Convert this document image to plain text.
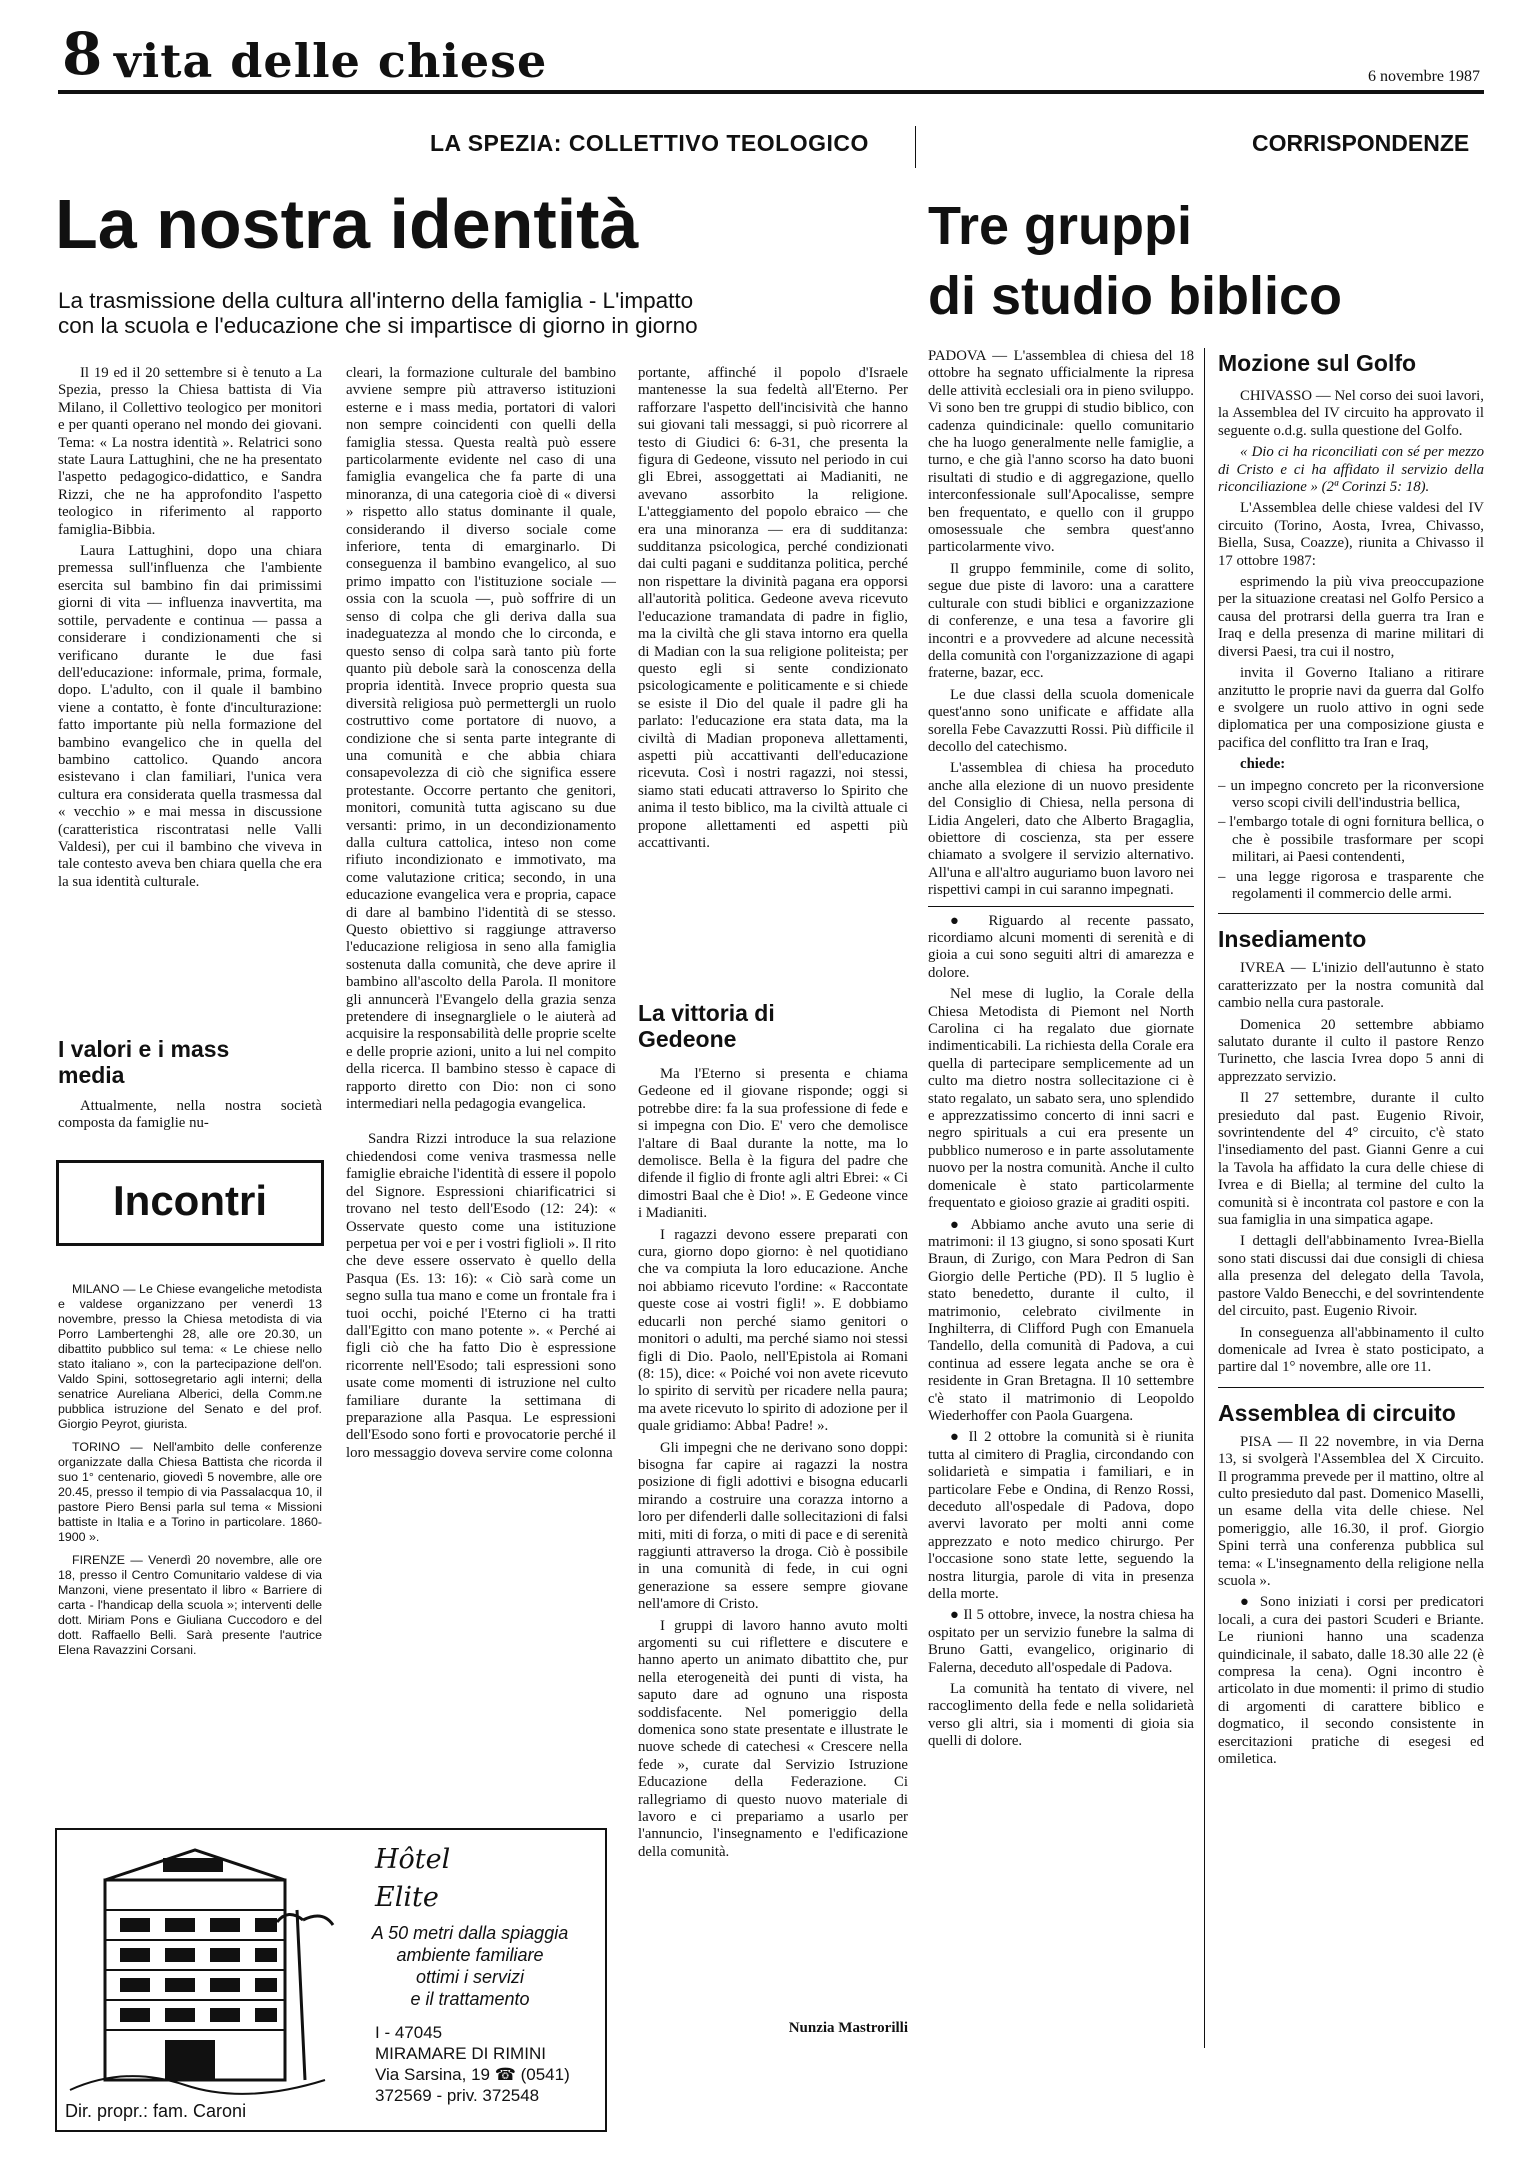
8 vita delle chiese	6 novembre 1987
LA SPEZIA: COLLETTIVO TEOLOGICO
La nostra identità
La trasmissione della cultura all'interno della famiglia - L'impatto
con la scuola e l'educazione che si impartisce di giorno in giorno

Il 19 ed il 20 settembre si è tenuto a La Spezia, presso la Chiesa battista di Via Milano, il Collettivo teologico per monitori e per quanti operano nel mondo dei giovani. Tema: « La nostra identità ». Relatrici sono state Laura Lattughini, che ne ha presentato l'aspetto pedagogico-didattico, e Sandra Rizzi, che ne ha approfondito l'aspetto teologico in riferimento al rapporto famiglia-Bibbia.

Laura Lattughini, dopo una chiara premessa sull'influenza che l'ambiente esercita sul bambino fin dai primissimi giorni di vita — influenza inavvertita, ma sottile, pervadente e continua — passa a considerare i condizionamenti che si verificano durante le due fasi dell'educazione: informale, prima, formale, dopo. L'adulto, con il quale il bambino viene a contatto, è fonte d'inculturazione: fatto importante più nella formazione del bambino evangelico che in quella del bambino cattolico. Quando ancora esistevano i clan familiari, l'unica vera cultura era considerata quella trasmessa dal « vecchio » e mai messa in discussione (caratteristica riscontratasi nelle Valli Valdesi), per cui il bambino che viveva in tale contesto aveva ben chiara quella che era la sua identità culturale.

I valori e i mass media

Attualmente, nella nostra società composta da famiglie nu-

Incontri

MILANO — Le Chiese evangeliche metodista e valdese organizzano per venerdì 13 novembre, presso la Chiesa metodista di via Porro Lambertenghi 28, alle ore 20.30, un dibattito pubblico sul tema: « Le chiese nello stato italiano », con la partecipazione dell'on. Valdo Spini, sottosegretario agli interni; della senatrice Aureliana Alberici, della Comm.ne pubblica istruzione del Senato e del prof. Giorgio Peyrot, giurista.

TORINO — Nell'ambito delle conferenze organizzate dalla Chiesa Battista che ricorda il suo 1° centenario, giovedì 5 novembre, alle ore 20.45, presso il tempio di via Passalacqua 10, il pastore Piero Bensi parla sul tema « Missioni battiste in Italia e a Torino in particolare. 1860-1900 ».

FIRENZE — Venerdì 20 novembre, alle ore 18, presso il Centro Comunitario valdese di via Manzoni, viene presentato il libro « Barriere di carta - l'handicap della scuola »; interventi delle dott. Miriam Pons e Giuliana Cuccodoro e del dott. Raffaello Belli. Sarà presente l'autrice Elena Ravazzini Corsani.

cleari, la formazione culturale del bambino avviene sempre più attraverso istituzioni esterne e i mass media, portatori di valori non sempre coincidenti con quelli della famiglia stessa. Questa realtà può essere particolarmente evidente nel caso di una famiglia evangelica che fa parte di una minoranza, di una categoria cioè di « diversi » rispetto allo status dominante il quale, considerando il diverso sociale come inferiore, tenta di emarginarlo. Di conseguenza il bambino evangelico, al suo primo impatto con l'istituzione sociale — ossia con la scuola —, può soffrire di un senso di colpa che gli deriva dalla sua inadeguatezza al mondo che lo circonda, e questo senso di colpa sarà tanto più forte quanto più debole sarà la conoscenza della propria identità. Invece proprio questa sua diversità religiosa può permettergli un ruolo costruttivo come portatore di nuovo, a condizione che si senta parte integrante di una comunità e che abbia chiara consapevolezza di ciò che significa essere protestante. Occorre pertanto che genitori, monitori, comunità tutta agiscano su due versanti: primo, in un decondizionamento dalla cultura cattolica, inteso non come rifiuto incondizionato e immotivato, ma come valutazione critica; secondo, in una educazione evangelica vera e propria, capace di dare al bambino l'identità di se stesso. Questo obiettivo si raggiunge attraverso l'educazione religiosa in seno alla famiglia sostenuta dalla comunità, che deve aprire il bambino all'ascolto della Parola. Il monitore gli annuncerà l'Evangelo della grazia senza pretendere di insegnargliele o le aiuterà ad acquisire la responsabilità delle proprie scelte e delle proprie azioni, unito a lui nel compito della ricerca. Il bambino stesso è capace di rapporto diretto con Dio: non ci sono intermediari nella pedagogia evangelica.

Sandra Rizzi introduce la sua relazione chiedendosi come veniva trasmessa nelle famiglie ebraiche l'identità di essere il popolo del Signore. Espressioni chiarificatrici si trovano nel testo dell'Esodo (12: 24): « Osservate questo come una istituzione perpetua per voi e per i vostri figlioli ». Il rito che deve essere osservato è quello della Pasqua (Es. 13: 16): « Ciò sarà come un segno sulla tua mano e come un frontale fra i tuoi occhi, poiché l'Eterno ci ha tratti dall'Egitto con mano potente ». « Perché ai figli ciò che ha fatto Dio è espressione ricorrente nell'Esodo; tali espressioni sono usate come momenti di istruzione nel culto familiare durante la settimana di preparazione alla Pasqua. Le espressioni dell'Esodo sono forti e provocatorie perché il loro messaggio doveva servire come colonna

portante, affinché il popolo d'Israele mantenesse la sua fedeltà all'Eterno. Per rafforzare l'aspetto dell'incisività che hanno sui giovani tali messaggi, si può ricorrere al testo di Giudici 6: 6-31, che presenta la figura di Gedeone, vissuto nel periodo in cui gli Ebrei, assoggettati ai Madianiti, ne avevano assorbito la religione. L'atteggiamento del popolo ebraico — che era una minoranza — era di sudditanza: sudditanza psicologica, perché condizionati dai culti pagani e sudditanza politica, perché non rispettare la divinità pagana era opporsi all'autorità politica. Gedeone aveva ricevuto l'educazione tramandata di padre in figlio, ma la civiltà che gli stava intorno era quella di Madian con la sua religione politeista; per questo egli si sente condizionato psicologicamente e politicamente e si chiede se esiste il Dio del quale il padre gli ha parlato: l'educazione era stata data, ma la civiltà di Madian proponeva allettamenti, aspetti più accattivanti dell'educazione ricevuta. Così i nostri ragazzi, noi stessi, siamo stati educati attraverso lo Spirito che anima il testo biblico, ma la civiltà attuale ci propone allettamenti ed aspetti più accattivanti.

La vittoria di Gedeone

Ma l'Eterno si presenta e chiama Gedeone ed il giovane risponde; oggi si potrebbe dire: fa la sua professione di fede e si impegna con Dio. E' vero che demolisce l'altare di Baal durante la notte, ma lo demolisce. Bella è la figura del padre che difende il figlio di fronte agli altri Ebrei: « Ci dimostri Baal che è Dio! ». E Gedeone vince i Madianiti.

I ragazzi devono essere preparati con cura, giorno dopo giorno: è nel quotidiano che va compiuta la loro educazione. Anche noi abbiamo ricevuto l'ordine: « Raccontate queste cose ai vostri figli! ». E dobbiamo educarli non perché siamo genitori o monitori o adulti, ma perché siamo noi stessi figli di Dio. Paolo, nell'Epistola ai Romani (8: 15), dice: « Poiché voi non avete ricevuto lo spirito di servitù per ricadere nella paura; ma avete ricevuto lo spirito di adozione per il quale gridiamo: Abba! Padre! ».

Gli impegni che ne derivano sono doppi: bisogna far capire ai ragazzi la nostra posizione di figli adottivi e bisogna educarli mirando a costruire una corazza intorno a loro per difenderli dalle sollecitazioni di falsi miti, miti di forza, o miti di pace e di serenità raggiunti attraverso la droga. Ciò è possibile in una comunità di fede, in cui ogni generazione sa essere sempre giovane nell'amore di Cristo.

I gruppi di lavoro hanno avuto molti argomenti su cui riflettere e discutere e hanno aperto un animato dibattito che, pur nella eterogeneità dei punti di vista, ha saputo dare ad ognuno una risposta soddisfacente. Nel pomeriggio della domenica sono state presentate e illustrate le nuove schede di catechesi « Crescere nella fede », curate dal Servizio Istruzione Educazione della Federazione. Ci rallegriamo di questo nuovo materiale di lavoro e ci prepariamo a usarlo per l'annuncio, l'insegnamento e l'edificazione della comunità.

Nunzia Mastrorilli
Hôtel
Elite
A 50 metri dalla spiaggia
ambiente familiare
ottimi i servizi
e il trattamento
I - 47045
MIRAMARE DI RIMINI
Via Sarsina, 19 ☎ (0541)
372569 - priv. 372548
Dir. propr.: fam. Caroni
CORRISPONDENZE
Tre gruppi
di studio biblico

PADOVA — L'assemblea di chiesa del 18 ottobre ha segnato ufficialmente la ripresa delle attività ecclesiali ora in pieno sviluppo. Vi sono ben tre gruppi di studio biblico, con cadenza quindicinale: quello comunitario che ha luogo generalmente nelle famiglie, a turno, e che già l'anno scorso ha dato buoni risultati di studio e di aggregazione, quello interconfessionale sull'Apocalisse, sempre ben frequentato, e quello con il gruppo omosessuale che sembra quest'anno particolarmente vivo.

Il gruppo femminile, come di solito, segue due piste di lavoro: una a carattere culturale con studi biblici e organizzazione di conferenze, e una tesa a favorire gli incontri e a provvedere ad alcune necessità della comunità con l'organizzazione di agapi fraterne, bazar, ecc.

Le due classi della scuola domenicale quest'anno sono unificate e affidate alla sorella Febe Cavazzutti Rossi. Più difficile il decollo del catechismo.

L'assemblea di chiesa ha proceduto anche alla elezione di un nuovo presidente del Consiglio di Chiesa, nella persona di Lidia Angeleri, dato che Alberto Bragaglia, obiettore di coscienza, sta per essere chiamato a svolgere il servizio alternativo. All'una e all'altro auguriamo buon lavoro nei rispettivi campi in cui saranno impegnati.

● Riguardo al recente passato, ricordiamo alcuni momenti di serenità e di gioia a cui sono seguiti altri di amarezza e dolore.

Nel mese di luglio, la Corale della Chiesa Metodista di Piemont nel North Carolina ci ha regalato due giornate indimenticabili. La richiesta della Corale era quella di partecipare semplicemente ad un culto ma dietro nostra sollecitazione ci è stato regalato, un sabato sera, uno splendido e apprezzatissimo concerto di inni sacri e negro spirituals a cui era presente un pubblico numeroso e in parte assolutamente nuovo per la nostra comunità. Anche il culto domenicale è stato particolarmente frequentato e gioioso grazie ai graditi ospiti.

● Abbiamo anche avuto una serie di matrimoni: il 13 giugno, si sono sposati Kurt Braun, di Zurigo, con Mara Pedron di San Giorgio delle Pertiche (PD). Il 5 luglio è stato benedetto, durante il culto, il matrimonio, celebrato civilmente in Inghilterra, di Clifford Pugh con Emanuela Tandello, della comunità di Padova, a cui continua ad essere legata anche se ora è residente in Gran Bretagna. Il 10 settembre c'è stato il matrimonio di Leopoldo Wiederhoffer con Paola Guargena.

● Il 2 ottobre la comunità si è riunita tutta al cimitero di Praglia, circondando con solidarietà e simpatia i familiari, e in particolare Febe e Ondina, di Renzo Rossi, deceduto all'ospedale di Padova, dopo avervi lavorato per molti anni come apprezzato e noto medico chirurgo. Per l'occasione sono state lette, seguendo la nostra liturgia, parole di vita in presenza della morte.

● Il 5 ottobre, invece, la nostra chiesa ha ospitato per un servizio funebre la salma di Bruno Gatti, evangelico, originario di Falerna, deceduto all'ospedale di Padova.

La comunità ha tentato di vivere, nel raccoglimento della fede e nella solidarietà verso gli altri, sia i momenti di gioia sia quelli di dolore.

Mozione sul Golfo

CHIVASSO — Nel corso dei suoi lavori, la Assemblea del IV circuito ha approvato il seguente o.d.g. sulla questione del Golfo.

« Dio ci ha riconciliati con sé per mezzo di Cristo e ci ha affidato il servizio della riconciliazione » (2ª Corinzi 5: 18).

L'Assemblea delle chiese valdesi del IV circuito (Torino, Aosta, Ivrea, Chivasso, Biella, Susa, Coazze), riunita a Chivasso il 17 ottobre 1987:

esprimendo la più viva preoccupazione per la situazione creatasi nel Golfo Persico a causa del protrarsi della guerra tra Iran e Iraq e della presenza di marine militari di diversi Paesi, tra cui il nostro,

invita il Governo Italiano a ritirare anzitutto le proprie navi da guerra dal Golfo e svolgere un ruolo attivo in ogni sede diplomatica per una composizione giusta e pacifica del conflitto tra Iran e Iraq,

chiede:

– un impegno concreto per la riconversione verso scopi civili dell'industria bellica,
– l'embargo totale di ogni fornitura bellica, o che è possibile trasformare per scopi militari, ai Paesi contendenti,
– una legge rigorosa e trasparente che regolamenti il commercio delle armi.
Insediamento

IVREA — L'inizio dell'autunno è stato caratterizzato per la nostra comunità dal cambio nella cura pastorale.

Domenica 20 settembre abbiamo salutato durante il culto il pastore Renzo Turinetto, che lascia Ivrea dopo 5 anni di apprezzato servizio.

Il 27 settembre, durante il culto presieduto dal past. Eugenio Rivoir, sovrintendente del 4° circuito, c'è stato l'insediamento del past. Gianni Genre a cui la Tavola ha affidato la cura delle chiese di Ivrea e di Biella; al termine del culto la comunità si è incontrata col pastore e con la sua famiglia in una simpatica agape.

I dettagli dell'abbinamento Ivrea-Biella sono stati discussi dai due consigli di chiesa alla presenza del delegato della Tavola, pastore Valdo Benecchi, e del sovrintendente del circuito, past. Eugenio Rivoir.

In conseguenza all'abbinamento il culto domenicale ad Ivrea è stato posticipato, a partire dal 1° novembre, alle ore 11.

Assemblea di circuito

PISA — Il 22 novembre, in via Derna 13, si svolgerà l'Assemblea del X Circuito. Il programma prevede per il mattino, oltre al culto presieduto dal past. Domenico Maselli, un esame della vita delle chiese. Nel pomeriggio, alle 16.30, il prof. Giorgio Spini terrà una conferenza pubblica sul tema: « L'insegnamento della religione nella scuola ».

● Sono iniziati i corsi per predicatori locali, a cura dei pastori Scuderi e Briante. Le riunioni hanno una scadenza quindicinale, il sabato, dalle 18.30 alle 22 (è compresa la cena). Ogni incontro è articolato in due momenti: il primo di studio di argomenti di carattere biblico e dogmatico, il secondo consistente in esercitazioni pratiche di esegesi ed omiletica.
